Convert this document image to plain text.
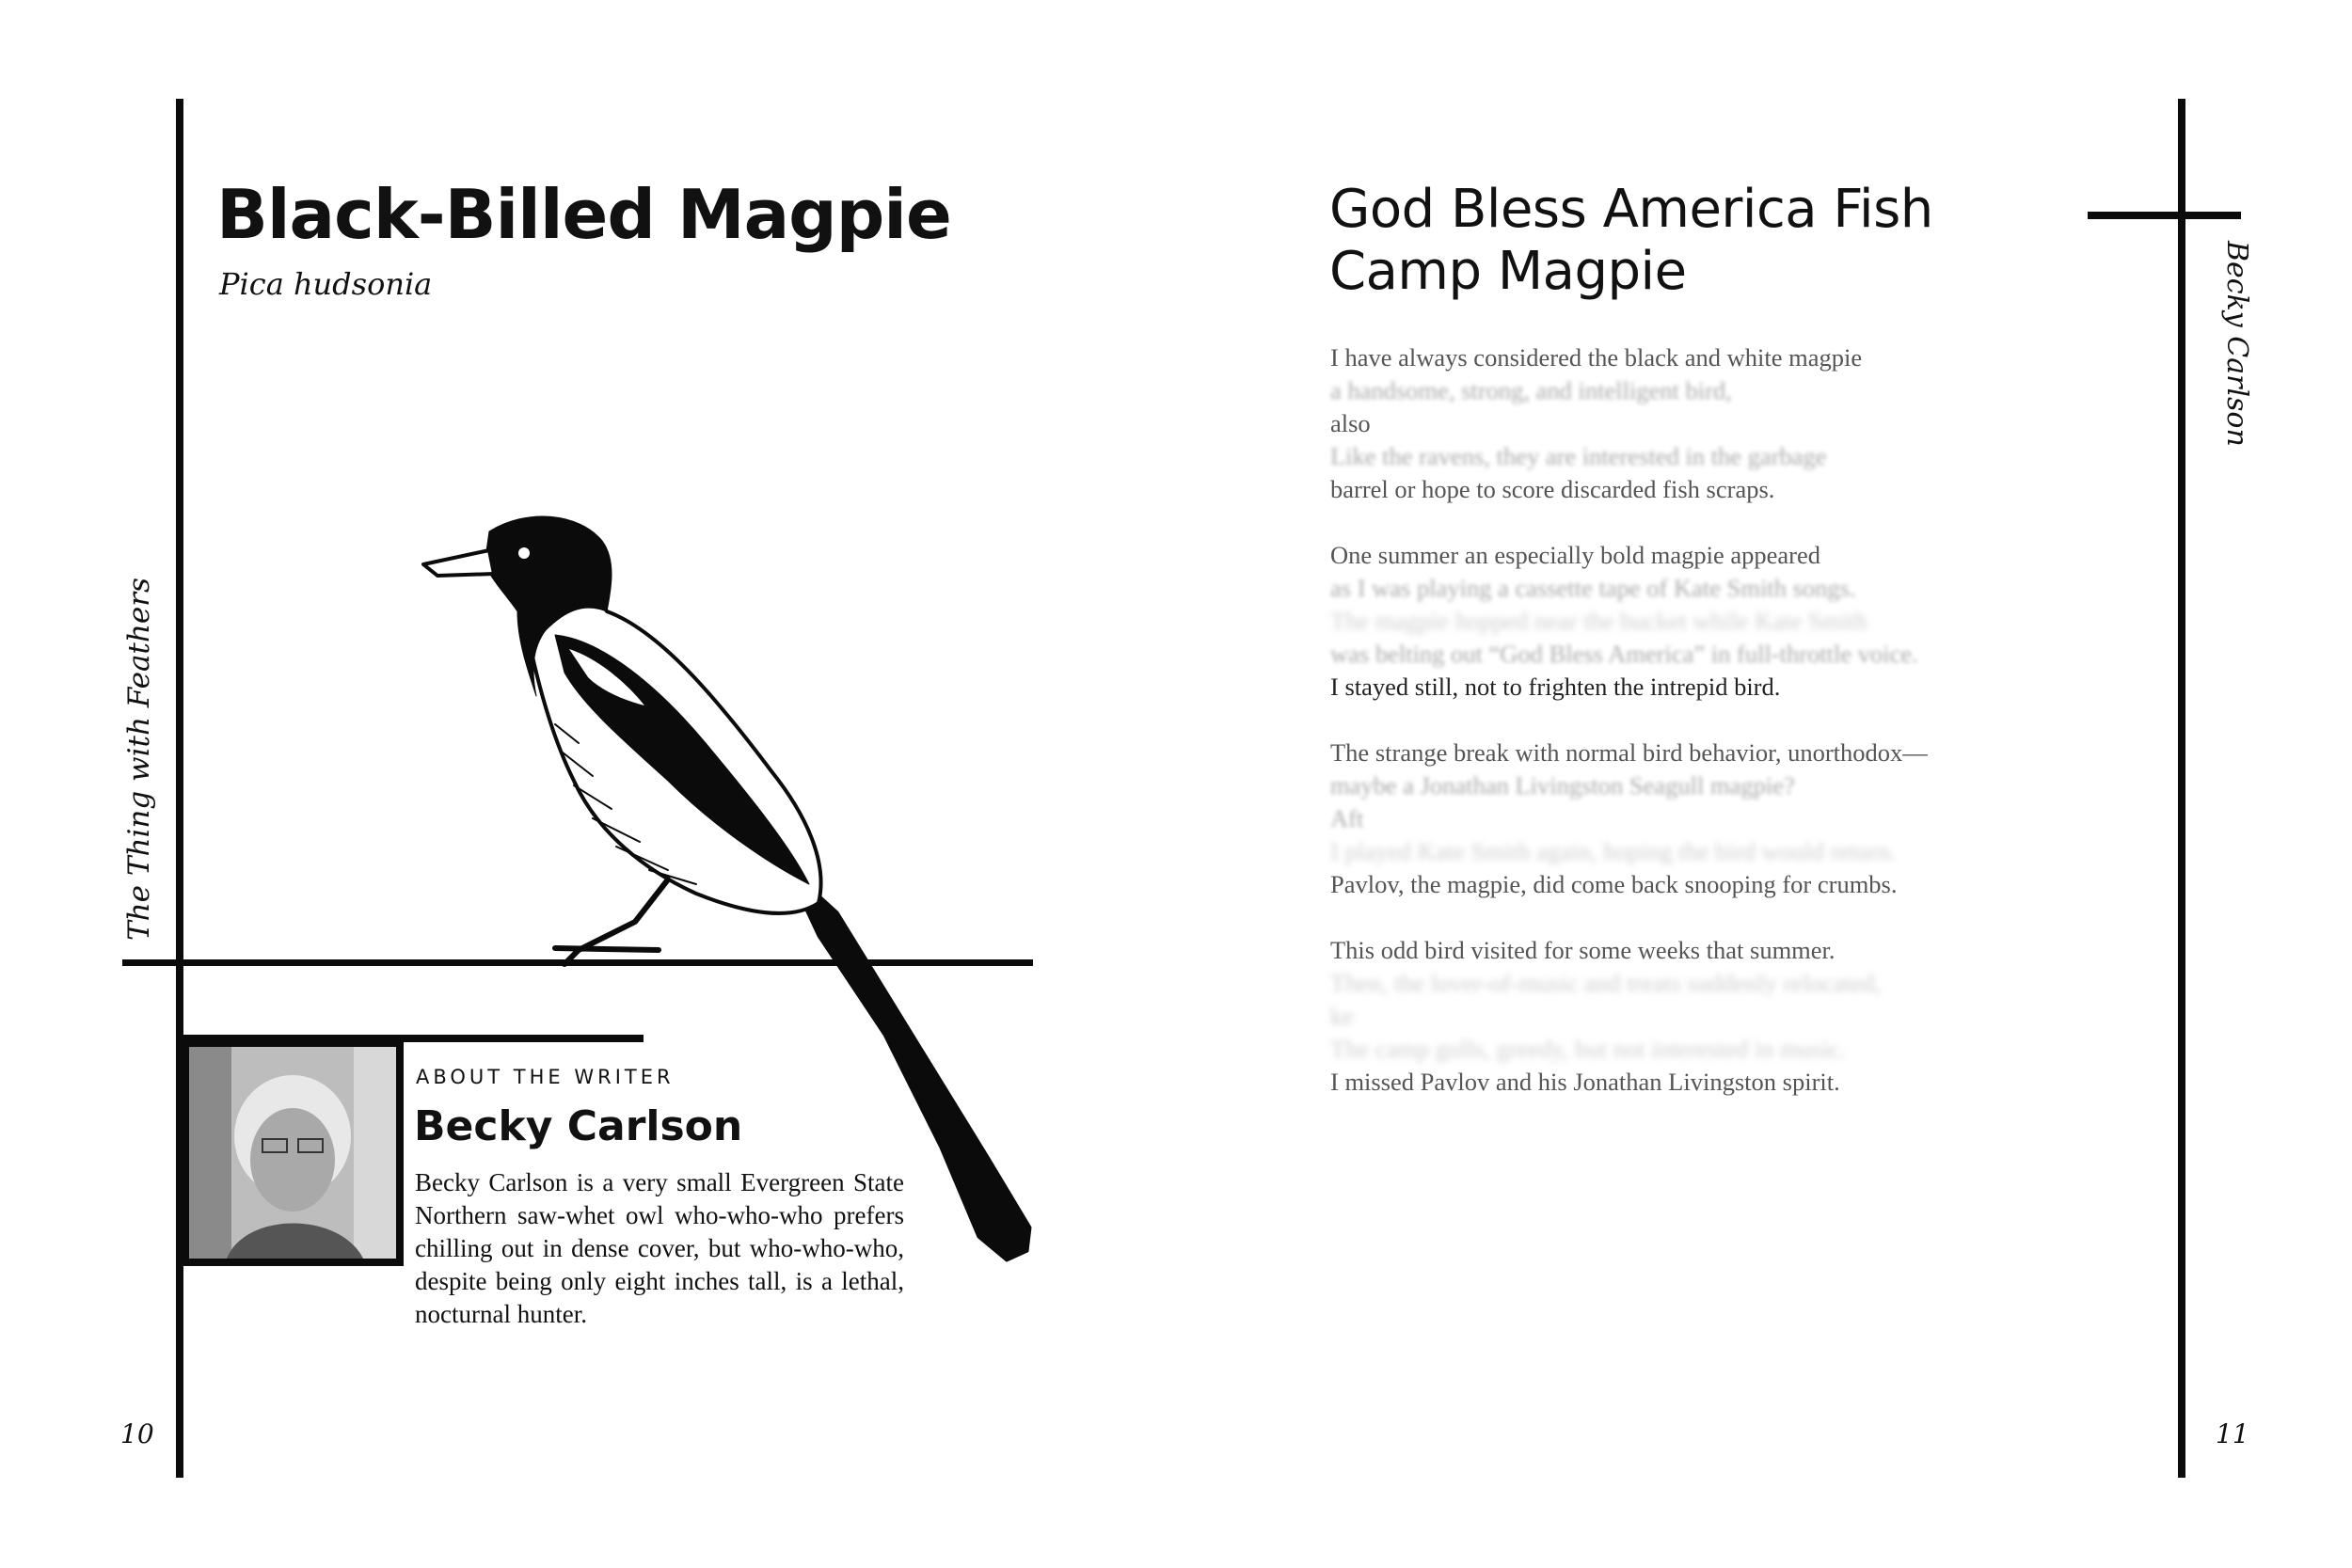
Black-Billed Magpie

Pica hudsonia

The Thing with Feathers
10

ABOUT THE WRITER

Becky Carlson

Becky Carlson is a very small Evergreen State Northern saw-whet owl who-who-who prefers chilling out in dense cover, but who-who-who, despite being only eight inches tall, is a lethal, nocturnal hunter.

God Bless America Fish Camp Magpie	Becky Carlson
11
I have always considered the black and white magpie
a handsome, strong, and intelligent bird,
also
Like the ravens, they are interested in the garbage
barrel or hope to score discarded fish scraps.
One summer an especially bold magpie appeared
as I was playing a cassette tape of Kate Smith songs.
The magpie hopped near the bucket while Kate Smith
was belting out “God Bless America” in full-throttle voice.
I stayed still, not to frighten the intrepid bird.
The strange break with normal bird behavior, unorthodox—
maybe a Jonathan Livingston Seagull magpie?
Aft
I played Kate Smith again, hoping the bird would return.
Pavlov, the magpie, did come back snooping for crumbs.
This odd bird visited for some weeks that summer.
Then, the lover-of-music and treats suddenly relocated,
ke
The camp gulls, greedy, but not interested in music.
I missed Pavlov and his Jonathan Livingston spirit.
